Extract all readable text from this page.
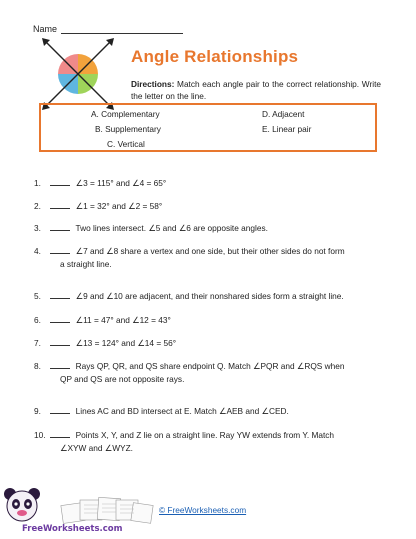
Name
Angle Relationships
Directions: Match each angle pair to the correct relationship. Write the letter on the line.
A. Complementary
B. Supplementary
C. Vertical
D. Adjacent
E. Linear pair
1.	∠3 = 115° and ∠4 = 65°
2.	∠1 = 32° and ∠2 = 58°
3.	Two lines intersect. ∠5 and ∠6 are opposite angles.
4.	∠7 and ∠8 share a vertex and one side, but their other sides do not form
a straight line.
5.	∠9 and ∠10 are adjacent, and their nonshared sides form a straight line.
6.	∠11 = 47° and ∠12 = 43°
7.	∠13 = 124° and ∠14 = 56°
8.	Rays QP, QR, and QS share endpoint Q. Match ∠PQR and ∠RQS when
QP and QS are not opposite rays.
9.	Lines AC and BD intersect at E. Match ∠AEB and ∠CED.
10.	Points X, Y, and Z lie on a straight line. Ray YW extends from Y. Match
∠XYW and ∠WYZ.
FreeWorksheets.com
© FreeWorksheets.com
